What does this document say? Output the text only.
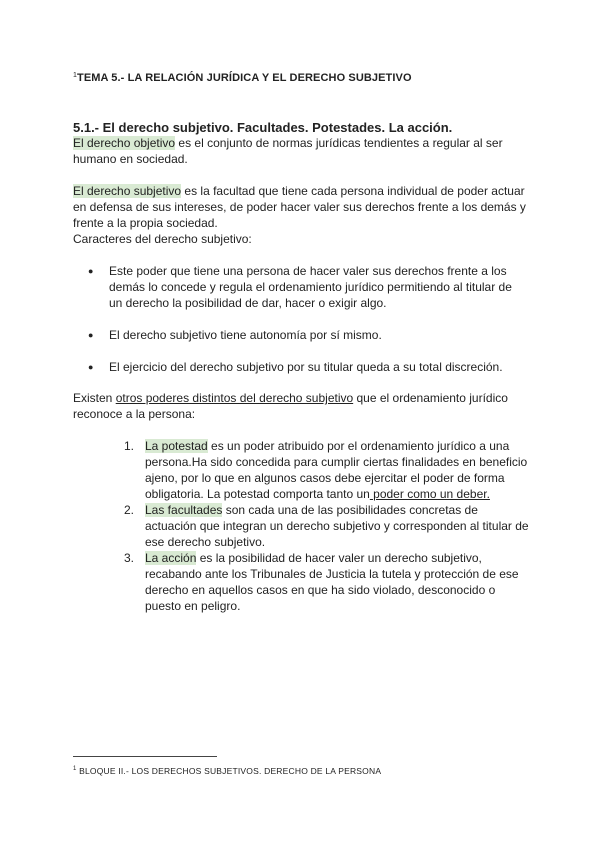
$^1$TEMA 5.- LA RELACIÓN JURÍDICA Y EL DERECHO SUBJETIVO
5.1.- El derecho subjetivo. Facultades. Potestades. La acción.
El derecho objetivo es el conjunto de normas jurídicas tendientes a regular al ser humano en sociedad.
El derecho subjetivo es la facultad que tiene cada persona individual de poder actuar en defensa de sus intereses, de poder hacer valer sus derechos frente a los demás y frente a la propia sociedad.
Caracteres del derecho subjetivo:
● Este poder que tiene una persona de hacer valer sus derechos frente a los demás lo concede y regula el ordenamiento jurídico permitiendo al titular de un derecho la posibilidad de dar, hacer o exigir algo.
● El derecho subjetivo tiene autonomía por sí mismo.
● El ejercicio del derecho subjetivo por su titular queda a su total discreción.
Existen otros poderes distintos del derecho subjetivo que el ordenamiento jurídico reconoce a la persona:
1. La potestad es un poder atribuido por el ordenamiento jurídico a una persona.Ha sido concedida para cumplir ciertas finalidades en beneficio ajeno, por lo que en algunos casos debe ejercitar el poder de forma obligatoria. La potestad comporta tanto un poder como un deber.
2. Las facultades son cada una de las posibilidades concretas de actuación que integran un derecho subjetivo y corresponden al titular de ese derecho subjetivo.
3. La acción es la posibilidad de hacer valer un derecho subjetivo, recabando ante los Tribunales de Justicia la tutela y protección de ese derecho en aquellos casos en que ha sido violado, desconocido o puesto en peligro.
$^1$ BLOQUE II.- LOS DERECHOS SUBJETIVOS. DERECHO DE LA PERSONA
